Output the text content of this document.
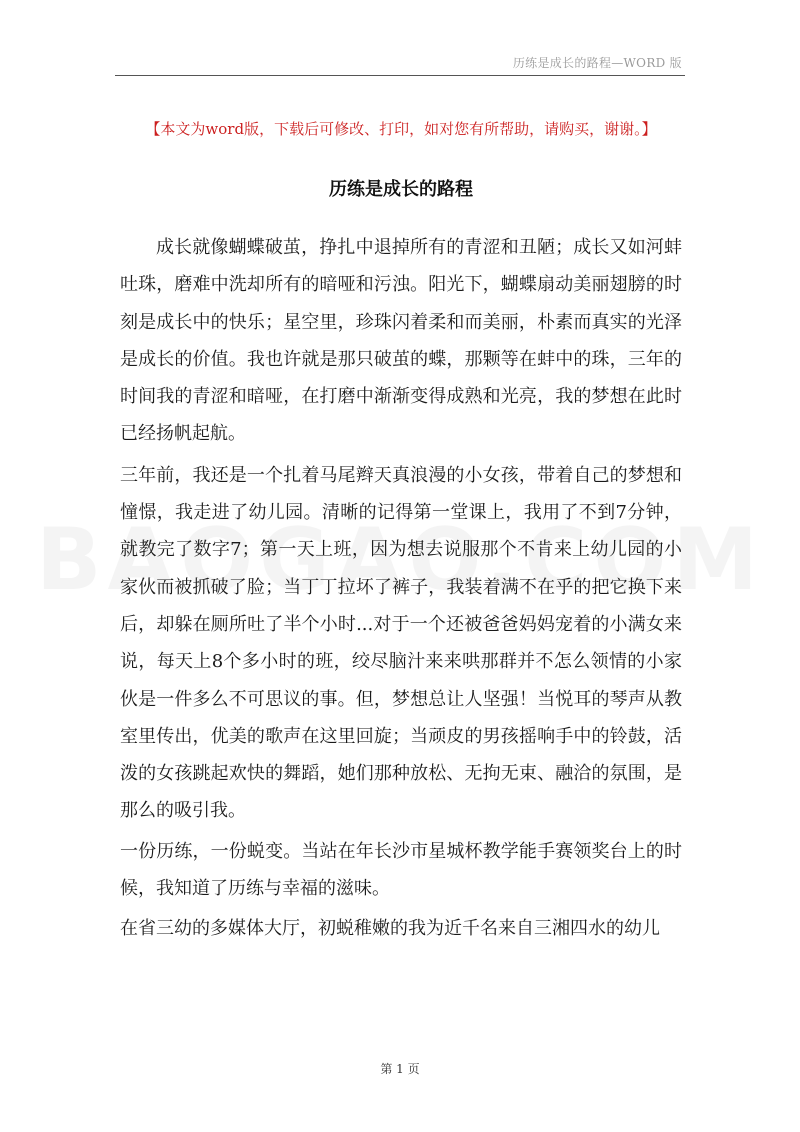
历练是成长的路程—WORD 版
【本文为word版，下载后可修改、打印，如对您有所帮助，请购买，谢谢。】
历练是成长的路程

成长就像蝴蝶破茧，挣扎中退掉所有的青涩和丑陋；成长又如河蚌吐珠，磨难中洗却所有的暗哑和污浊。阳光下，蝴蝶扇动美丽翅膀的时刻是成长中的快乐；星空里，珍珠闪着柔和而美丽，朴素而真实的光泽是成长的价值。我也许就是那只破茧的蝶，那颗等在蚌中的珠，三年的时间我的青涩和暗哑，在打磨中渐渐变得成熟和光亮，我的梦想在此时已经扬帆起航。

三年前，我还是一个扎着马尾辫天真浪漫的小女孩，带着自己的梦想和憧憬，我走进了幼儿园。清晰的记得第一堂课上，我用了不到7分钟，就教完了数字7；第一天上班，因为想去说服那个不肯来上幼儿园的小家伙而被抓破了脸；当丁丁拉坏了裤子，我装着满不在乎的把它换下来后，却躲在厕所吐了半个小时...对于一个还被爸爸妈妈宠着的小满女来说，每天上8个多小时的班，绞尽脑汁来来哄那群并不怎么领情的小家伙是一件多么不可思议的事。但，梦想总让人坚强！当悦耳的琴声从教室里传出，优美的歌声在这里回旋；当顽皮的男孩摇响手中的铃鼓，活泼的女孩跳起欢快的舞蹈，她们那种放松、无拘无束、融洽的氛围，是那么的吸引我。

一份历练，一份蜕变。当站在年长沙市星城杯教学能手赛领奖台上的时候，我知道了历练与幸福的滋味。

在省三幼的多媒体大厅，初蜕稚嫩的我为近千名来自三湘四水的幼儿

第 1 页
